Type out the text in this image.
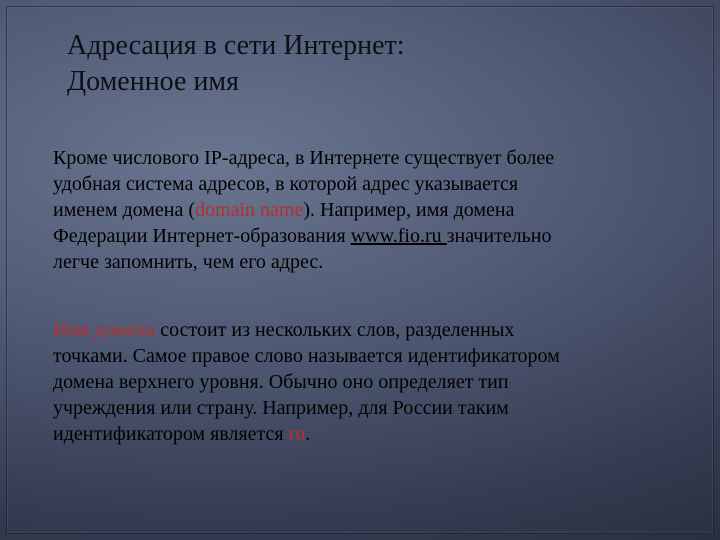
Адресация в сети Интернет:
Доменное имя

Кроме числового IP-адреса, в Интернете существует более
удобная система адресов, в которой адрес указывается
именем домена (domain name). Например, имя домена
Федерации Интернет-образования www.fio.ru значительно
легче запомнить, чем его адрес.

Имя домена состоит из нескольких слов, разделенных
точками. Самое правое слово называется идентификатором
домена верхнего уровня. Обычно оно определяет тип
учреждения или страну. Например, для России таким
идентификатором является ru.
